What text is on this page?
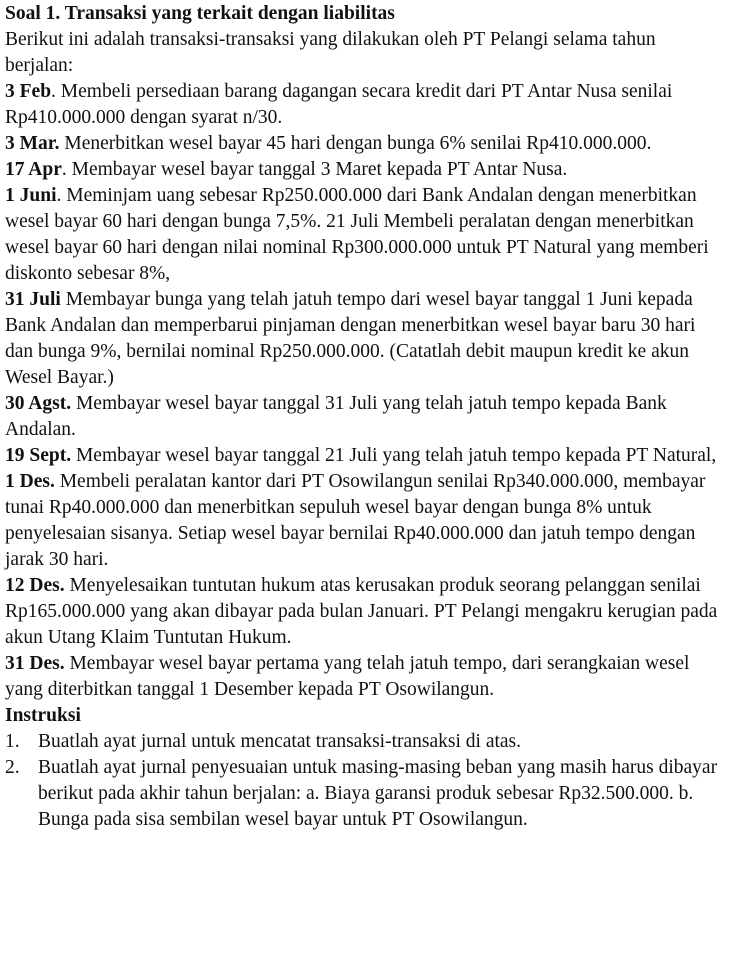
Soal 1. Transaksi yang terkait dengan liabilitas
Berikut ini adalah transaksi-transaksi yang dilakukan oleh PT Pelangi selama tahun berjalan:
3 Feb. Membeli persediaan barang dagangan secara kredit dari PT Antar Nusa senilai Rp410.000.000 dengan syarat n/30.
3 Mar. Menerbitkan wesel bayar 45 hari dengan bunga 6% senilai Rp410.000.000.
17 Apr. Membayar wesel bayar tanggal 3 Maret kepada PT Antar Nusa.
1 Juni. Meminjam uang sebesar Rp250.000.000 dari Bank Andalan dengan menerbitkan wesel bayar 60 hari dengan bunga 7,5%. 21 Juli Membeli peralatan dengan menerbitkan wesel bayar 60 hari dengan nilai nominal Rp300.000.000 untuk PT Natural yang memberi diskonto sebesar 8%,
31 Juli Membayar bunga yang telah jatuh tempo dari wesel bayar tanggal 1 Juni kepada Bank Andalan dan memperbarui pinjaman dengan menerbitkan wesel bayar baru 30 hari dan bunga 9%, bernilai nominal Rp250.000.000. (Catatlah debit maupun kredit ke akun Wesel Bayar.)
30 Agst. Membayar wesel bayar tanggal 31 Juli yang telah jatuh tempo kepada Bank Andalan.
19 Sept. Membayar wesel bayar tanggal 21 Juli yang telah jatuh tempo kepada PT Natural,
1 Des. Membeli peralatan kantor dari PT Osowilangun senilai Rp340.000.000, membayar tunai Rp40.000.000 dan menerbitkan sepuluh wesel bayar dengan bunga 8% untuk penyelesaian sisanya. Setiap wesel bayar bernilai Rp40.000.000 dan jatuh tempo dengan jarak 30 hari.
12 Des. Menyelesaikan tuntutan hukum atas kerusakan produk seorang pelanggan senilai Rp165.000.000 yang akan dibayar pada bulan Januari. PT Pelangi mengakru kerugian pada akun Utang Klaim Tuntutan Hukum.
31 Des. Membayar wesel bayar pertama yang telah jatuh tempo, dari serangkaian wesel yang diterbitkan tanggal 1 Desember kepada PT Osowilangun.
Instruksi
1. Buatlah ayat jurnal untuk mencatat transaksi-transaksi di atas.
2. Buatlah ayat jurnal penyesuaian untuk masing-masing beban yang masih harus dibayar berikut pada akhir tahun berjalan: a. Biaya garansi produk sebesar Rp32.500.000. b. Bunga pada sisa sembilan wesel bayar untuk PT Osowilangun.
